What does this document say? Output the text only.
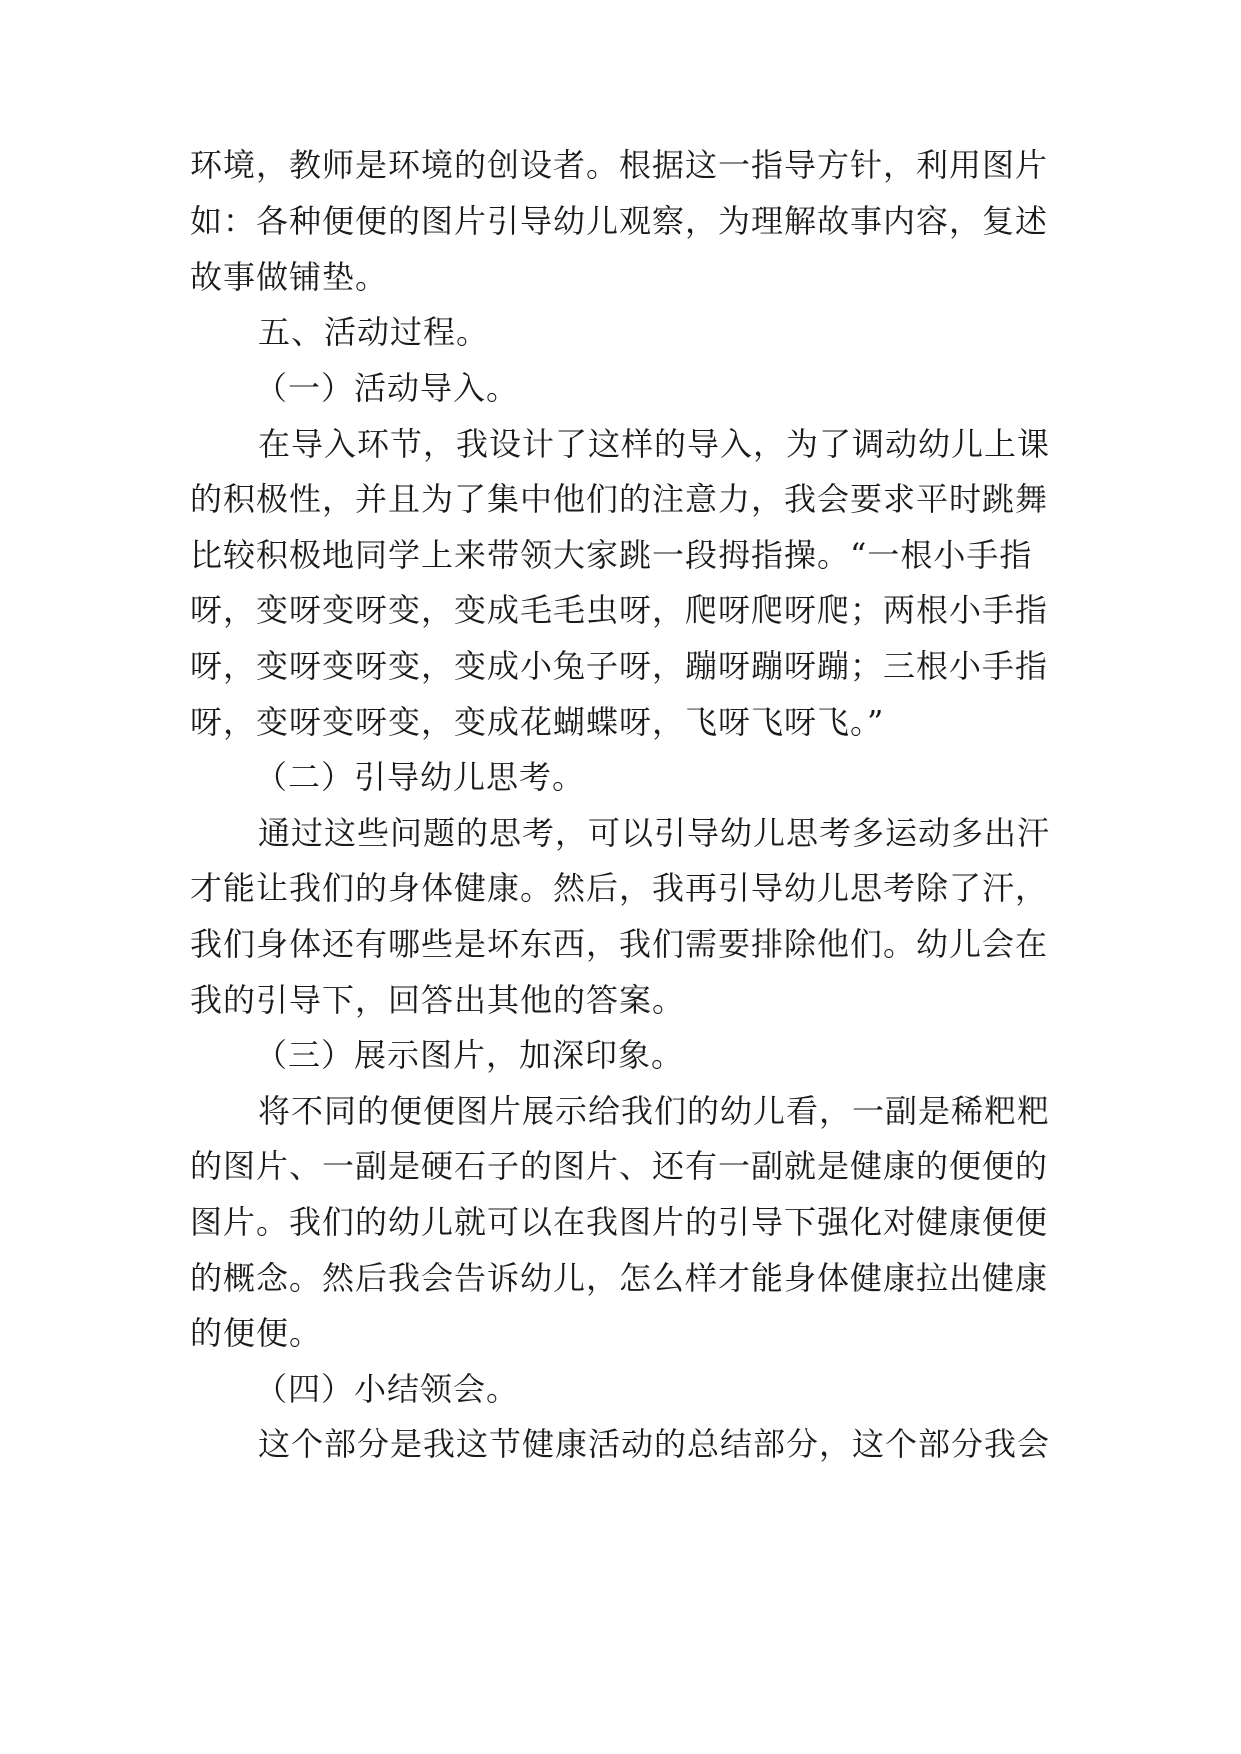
环境，教师是环境的创设者。根据这一指导方针，利用图片
如：各种便便的图片引导幼儿观察，为理解故事内容，复述
故事做铺垫。
五、活动过程。
（一）活动导入。
在导入环节，我设计了这样的导入，为了调动幼儿上课
的积极性，并且为了集中他们的注意力，我会要求平时跳舞
比较积极地同学上来带领大家跳一段拇指操。“一根小手指
呀，变呀变呀变，变成毛毛虫呀，爬呀爬呀爬；两根小手指
呀，变呀变呀变，变成小兔子呀，蹦呀蹦呀蹦；三根小手指
呀，变呀变呀变，变成花蝴蝶呀，飞呀飞呀飞。”
（二）引导幼儿思考。
通过这些问题的思考，可以引导幼儿思考多运动多出汗
才能让我们的身体健康。然后，我再引导幼儿思考除了汗，
我们身体还有哪些是坏东西，我们需要排除他们。幼儿会在
我的引导下，回答出其他的答案。
（三）展示图片，加深印象。
将不同的便便图片展示给我们的幼儿看，一副是稀粑粑
的图片、一副是硬石子的图片、还有一副就是健康的便便的
图片。我们的幼儿就可以在我图片的引导下强化对健康便便
的概念。然后我会告诉幼儿，怎么样才能身体健康拉出健康
的便便。
（四）小结领会。
这个部分是我这节健康活动的总结部分，这个部分我会
